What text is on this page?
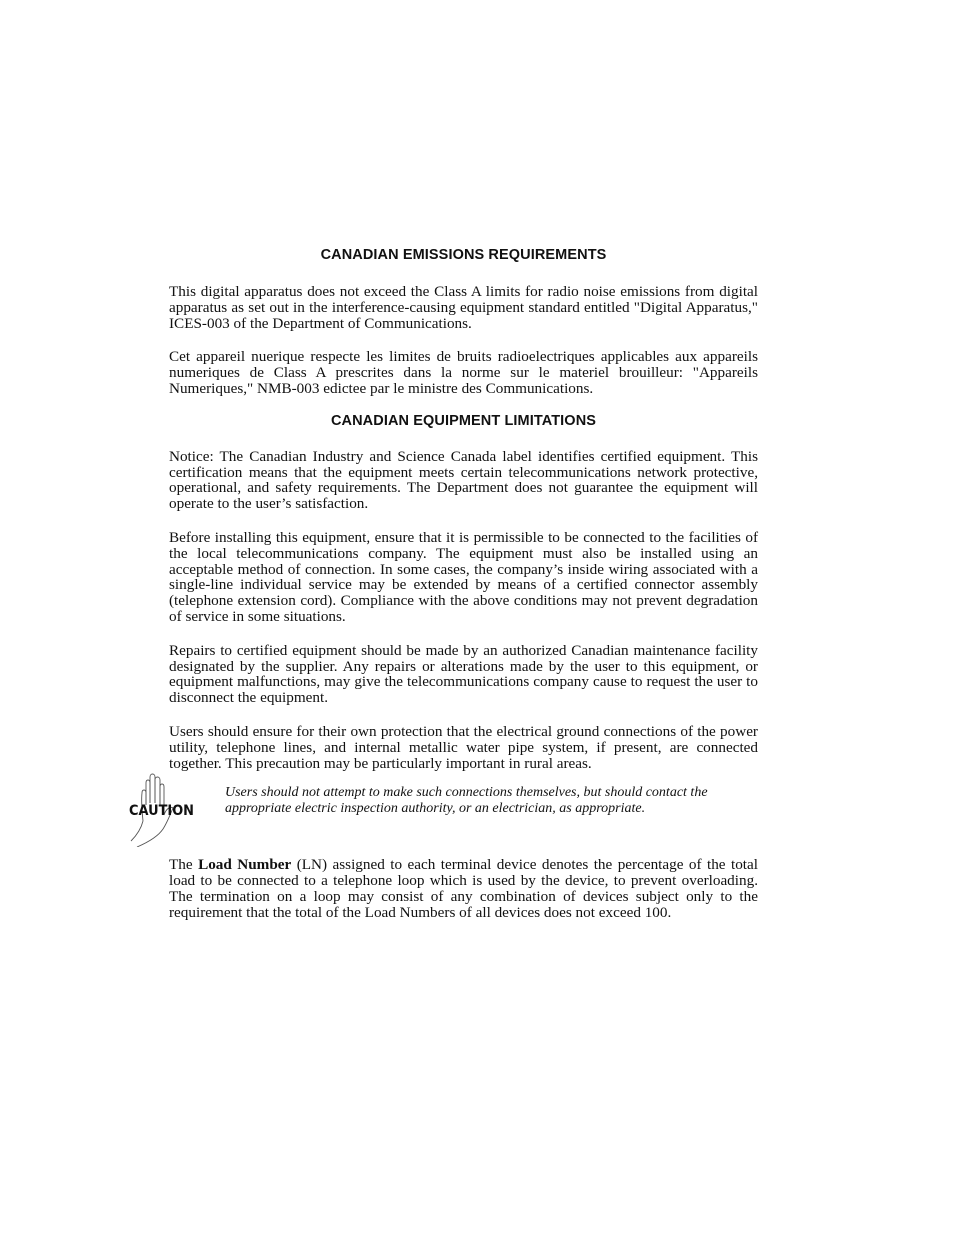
CANADIAN EMISSIONS REQUIREMENTS

This digital apparatus does not exceed the Class A limits for radio noise emissions from digital apparatus as set out in the interference-causing equipment standard entitled "Digital Apparatus," ICES-003 of the Department of Communications.

Cet appareil nuerique respecte les limites de bruits radioelectriques applicables aux appareils numeriques de Class A prescrites dans la norme sur le materiel brouilleur: "Appareils Numeriques," NMB-003 edictee par le ministre des Communications.

CANADIAN EQUIPMENT LIMITATIONS

Notice: The Canadian Industry and Science Canada label identifies certified equipment. This certification means that the equipment meets certain telecommunications network protective, operational, and safety requirements. The Department does not guarantee the equipment will operate to the user’s satisfaction.

Before installing this equipment, ensure that it is permissible to be connected to the facilities of the local telecommunications company. The equipment must also be installed using an acceptable method of connection. In some cases, the company’s inside wiring associated with a single-line individual service may be extended by means of a certified connector assembly (telephone extension cord). Compliance with the above conditions may not prevent degradation of service in some situations.

Repairs to certified equipment should be made by an authorized Canadian maintenance facility designated by the supplier. Any repairs or alterations made by the user to this equipment, or equipment malfunctions, may give the telecommunications company cause to request the user to disconnect the equipment.

Users should ensure for their own protection that the electrical ground connections of the power utility, telephone lines, and internal metallic water pipe system, if present, are connected together. This precaution may be particularly important in rural areas.

CAUTION

Users should not attempt to make such connections themselves, but should contact the appropriate electric inspection authority, or an electrician, as appropriate.

The Load Number (LN) assigned to each terminal device denotes the percentage of the total load to be connected to a telephone loop which is used by the device, to prevent overloading. The termination on a loop may consist of any combination of devices subject only to the requirement that the total of the Load Numbers of all devices does not exceed 100.
